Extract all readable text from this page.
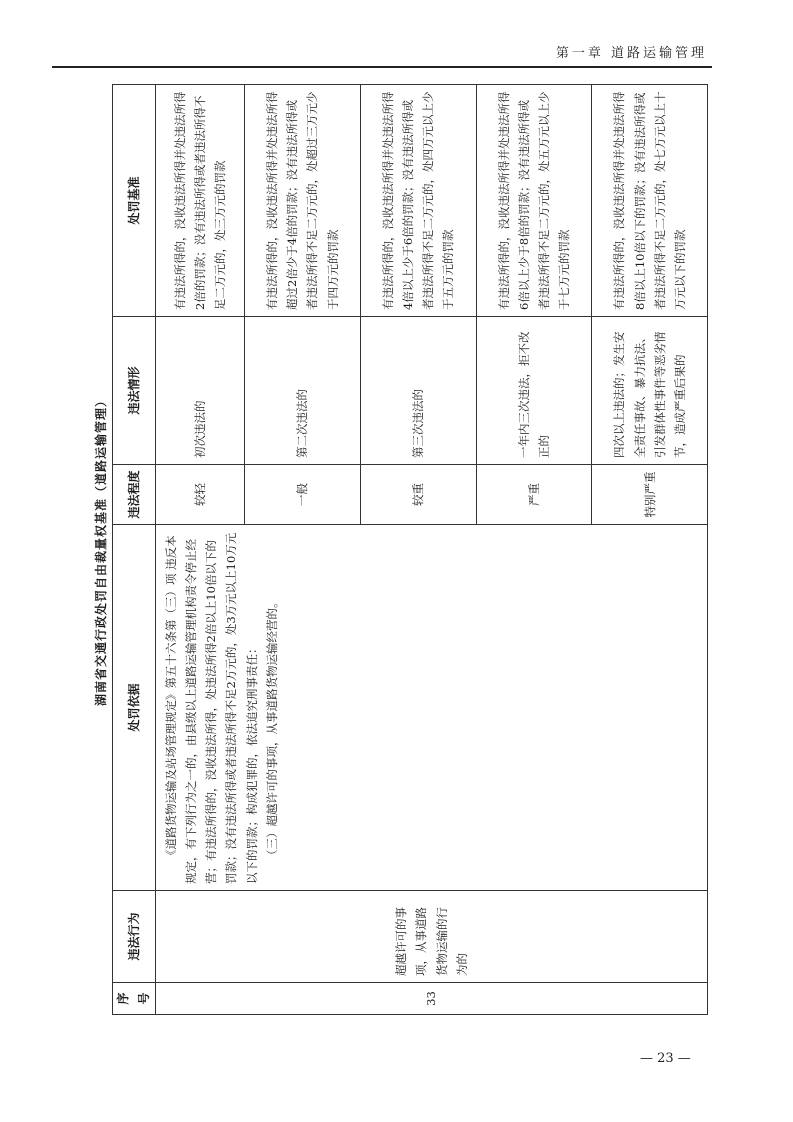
第一章 道路运输管理
湖南省交通行政处罚自由裁量权基准（道路运输管理）
序号	违法行为	处罚依据	违法程度	违法情形	处罚基准
33	超越许可的事项，从事道路货物运输的行为的	《道路货物运输及站场管理规定》第五十六条第（三）项 违反本规定，有下列行为之一的，由县级以上道路运输管理机构责令停止经营；有违法所得的，没收违法所得，处违法所得2倍以上10倍以下的罚款；没有违法所得或者违法所得不足2万元的，处3万元以上10万元以下的罚款；构成犯罪的，依法追究刑事责任： （三）超越许可的事项，从事道路货物运输经营的。	较轻	初次违法的	有违法所得的，没收违法所得并处违法所得2倍的罚款；没有违法所得或者违法所得不足二万元的，处三万元的罚款
			一般	第二次违法的	有违法所得的，没收违法所得并处违法所得超过2倍少于4倍的罚款；没有违法所得或者违法所得不足二万元的，处超过三万元少于四万元的罚款
			较重	第三次违法的	有违法所得的，没收违法所得并处违法所得4倍以上少于6倍的罚款；没有违法所得或者违法所得不足二万元的，处四万元以上少于五万元的罚款
			严重	一年内三次违法，拒不改正的	有违法所得的，没收违法所得并处违法所得6倍以上少于8倍的罚款；没有违法所得或者违法所得不足二万元的，处五万元以上少于七万元的罚款
			特别严重	四次以上违法的；发生安全责任事故、暴力抗法、引发群体性事件等恶劣情节，造成严重后果的	有违法所得的，没收违法所得并处违法所得8倍以上10倍以下的罚款；没有违法所得或者违法所得不足二万元的，处七万元以上十万元以下的罚款
— 23 —
